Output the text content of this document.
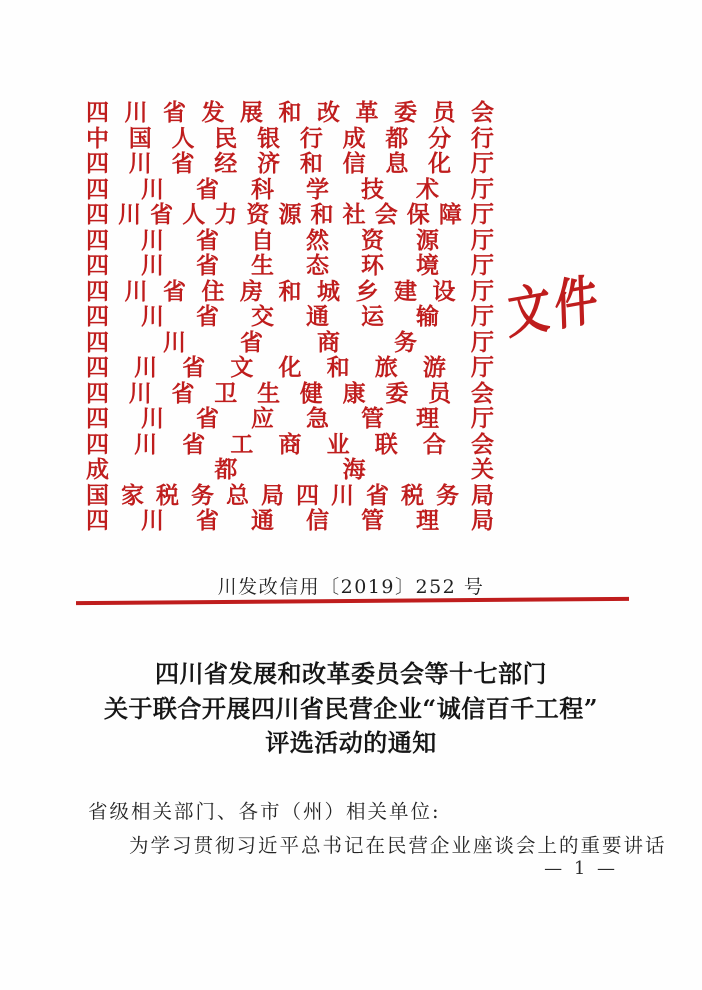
四 川 省 发 展 和 改 革 委 员 会
中 国 人 民 银 行 成 都 分 行
四 川 省 经 济 和 信 息 化 厅
四 川 省 科 学 技 术 厅
四 川 省 人 力 资 源 和 社 会 保 障 厅
四 川 省 自 然 资 源 厅
四 川 省 生 态 环 境 厅
四 川 省 住 房 和 城 乡 建 设 厅
四 川 省 交 通 运 输 厅
四 川 省 商 务 厅
四 川 省 文 化 和 旅 游 厅
四 川 省 卫 生 健 康 委 员 会
四 川 省 应 急 管 理 厅
四 川 省 工 商 业 联 合 会
成	都	海	关
国 家 税 务 总 局 四 川 省 税 务 局
四 川 省 通 信 管 理 局
文件
川发改信用〔2019〕252 号
四川省发展和改革委员会等十七部门
关于联合开展四川省民营企业“诚信百千工程”
评选活动的通知
省级相关部门、各市（州）相关单位:
为学习贯彻习近平总书记在民营企业座谈会上的重要讲话
— 1 —
